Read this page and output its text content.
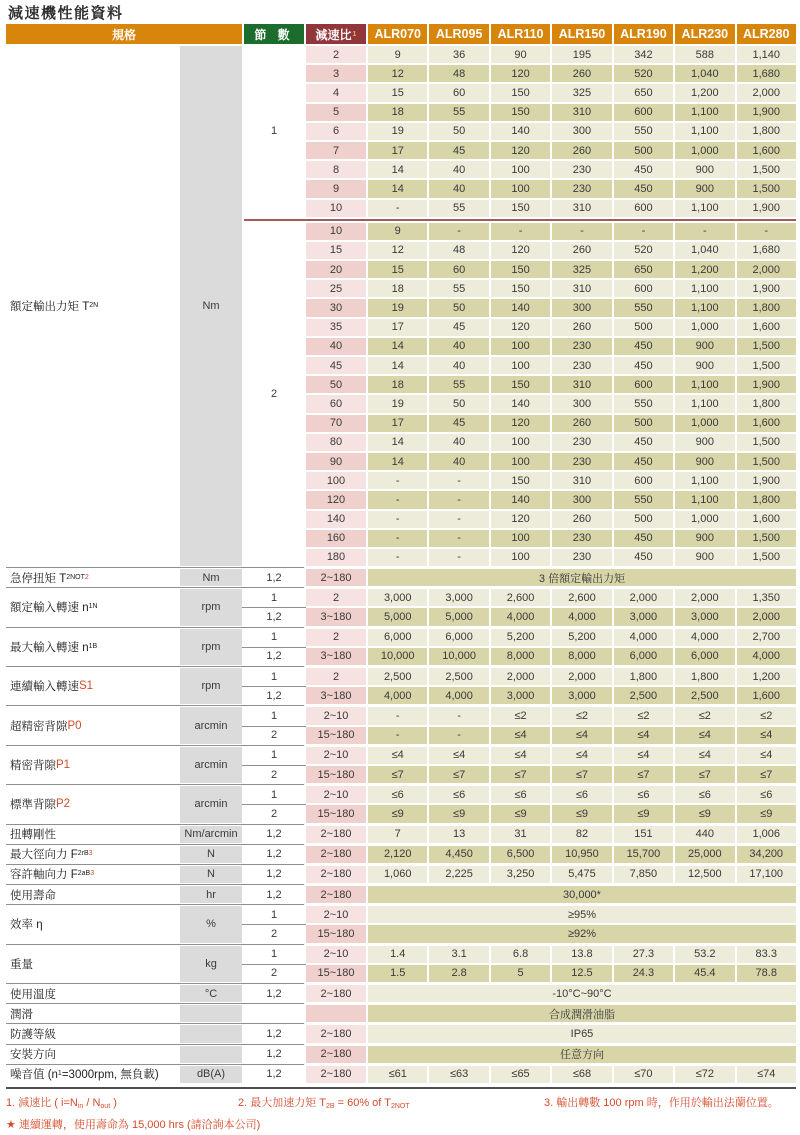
減速機性能資料
規格	節 數	減速比 1	ALR070	ALR095	ALR110	ALR150	ALR190	ALR230	ALR280
額定輸出力矩 T 2N	Nm
1
2	9	36	90	195	342	588	1,140
3	12	48	120	260	520	1,040	1,680
4	15	60	150	325	650	1,200	2,000
5	18	55	150	310	600	1,100	1,900
6	19	50	140	300	550	1,100	1,800
7	17	45	120	260	500	1,000	1,600
8	14	40	100	230	450	900	1,500
9	14	40	100	230	450	900	1,500
10	-	55	150	310	600	1,100	1,900
2
10	9	-	-	-	-	-	-
15	12	48	120	260	520	1,040	1,680
20	15	60	150	325	650	1,200	2,000
25	18	55	150	310	600	1,100	1,900
30	19	50	140	300	550	1,100	1,800
35	17	45	120	260	500	1,000	1,600
40	14	40	100	230	450	900	1,500
45	14	40	100	230	450	900	1,500
50	18	55	150	310	600	1,100	1,900
60	19	50	140	300	550	1,100	1,800
70	17	45	120	260	500	1,000	1,600
80	14	40	100	230	450	900	1,500
90	14	40	100	230	450	900	1,500
100	-	-	150	310	600	1,100	1,900
120	-	-	140	300	550	1,100	1,800
140	-	-	120	260	500	1,000	1,600
160	-	-	100	230	450	900	1,500
180	-	-	100	230	450	900	1,500
急停扭矩 T 2NOT 2	Nm	1,2	2~180	3 倍額定輸出力矩
額定輸入轉速 n 1N	rpm
1	2	3,000	3,000	2,600	2,600	2,000	2,000	1,350
1,2	3~180	5,000	5,000	4,000	4,000	3,000	3,000	2,000
最大輸入轉速 n 1B	rpm
1	2	6,000	6,000	5,200	5,200	4,000	4,000	2,700
1,2	3~180	10,000	10,000	8,000	8,000	6,000	6,000	4,000
連續輸入轉速 S1	rpm
1	2	2,500	2,500	2,000	2,000	1,800	1,800	1,200
1,2	3~180	4,000	4,000	3,000	3,000	2,500	2,500	1,600
超精密背隙 P0	arcmin
1	2~10	-	-	≤2	≤2	≤2	≤2	≤2
2	15~180	-	-	≤4	≤4	≤4	≤4	≤4
精密背隙 P1	arcmin
1	2~10	≤4	≤4	≤4	≤4	≤4	≤4	≤4
2	15~180	≤7	≤7	≤7	≤7	≤7	≤7	≤7
標準背隙 P2	arcmin
1	2~10	≤6	≤6	≤6	≤6	≤6	≤6	≤6
2	15~180	≤9	≤9	≤9	≤9	≤9	≤9	≤9
扭轉剛性	Nm/arcmin	1,2	2~180	7	13	31	82	151	440	1,006
最大徑向力 F 2rB 3	N	1,2	2~180	2,120	4,450	6,500	10,950	15,700	25,000	34,200
容許軸向力 F 2aB 3	N	1,2	2~180	1,060	2,225	3,250	5,475	7,850	12,500	17,100
使用壽命	hr	1,2	2~180	30,000*
效率 η	%
1	2~10	≥95%
2	15~180	≥92%
重量	kg
1	2~10	1.4	3.1	6.8	13.8	27.3	53.2	83.3
2	15~180	1.5	2.8	5	12.5	24.3	45.4	78.8
使用溫度	°C	1,2	2~180	-10°C~90°C
潤滑	合成潤滑油脂
防護等級	1,2	2~180	IP65
安裝方向	1,2	2~180	任意方向
噪音值 (n 1 =3000rpm, 無負載)	dB(A)	1,2	2~180	≤61	≤63	≤65	≤68	≤70	≤72	≤74
1. 減速比 ( $i=N_{in} / N_{out}$ )	2. 最大加速力矩 $T_{2B} = 60\%$ of $T_{2NOT}$	3. 輸出轉數 100 rpm 時，作用於輸出法蘭位置。
★ 連續運轉，使用壽命為 15,000 hrs (請洽詢本公司)
